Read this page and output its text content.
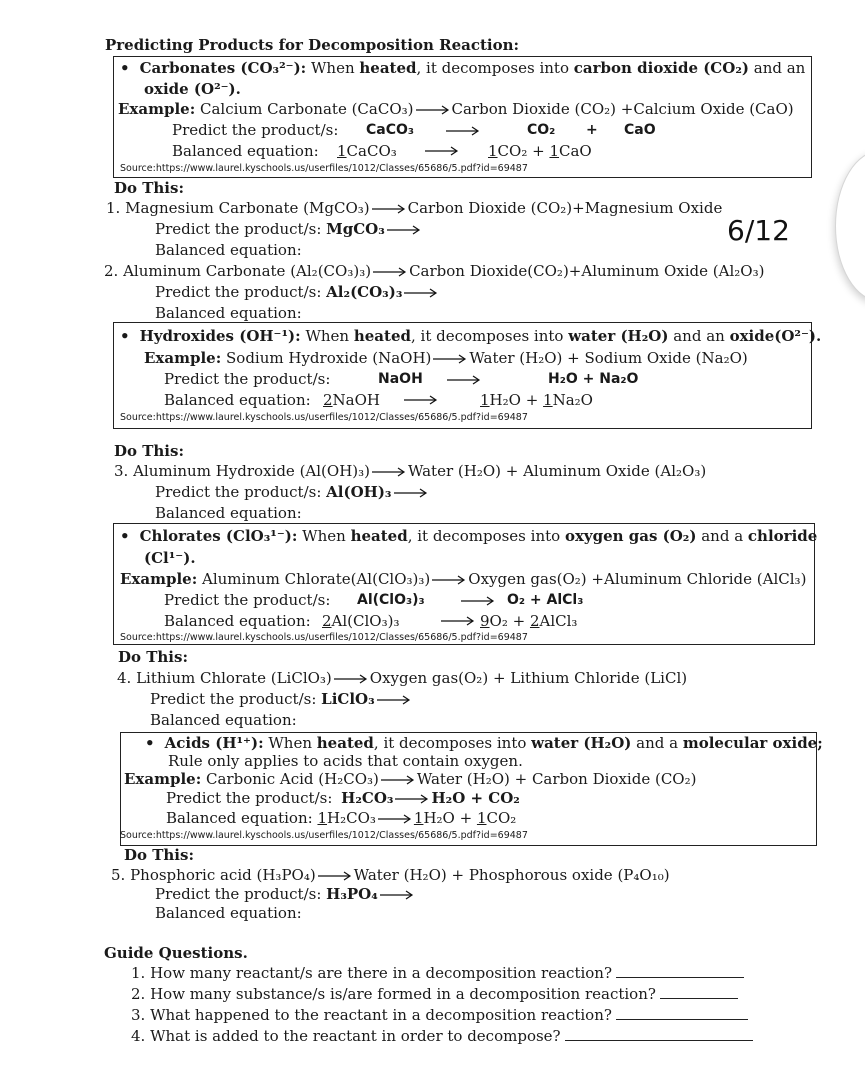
Predicting Products for Decomposition Reaction:
• Carbonates (CO₃²⁻): When heated, it decomposes into carbon dioxide (CO₂) and an
oxide (O²⁻).
Example: Calcium Carbonate (CaCO₃)	Carbon Dioxide (CO₂) +Calcium Oxide (CaO)
Predict the product/s: CaCO₃	CO₂ + CaO
Balanced equation: 1CaCO₃	1CO₂ + 1CaO
Source:https://www.laurel.kyschools.us/userfiles/1012/Classes/65686/5.pdf?id=69487
Do This:
1. Magnesium Carbonate (MgCO₃)	Carbon Dioxide (CO₂)+Magnesium Oxide
Predict the product/s: MgCO₃
Balanced equation:
2. Aluminum Carbonate (Al₂(CO₃)₃)	Carbon Dioxide(CO₂)+Aluminum Oxide (Al₂O₃)
Predict the product/s: Al₂(CO₃)₃
Balanced equation:
• Hydroxides (OH⁻¹): When heated, it decomposes into water (H₂O) and an oxide(O²⁻).
Example: Sodium Hydroxide (NaOH)	Water (H₂O) + Sodium Oxide (Na₂O)
Predict the product/s:	NaOH	H₂O + Na₂O
Balanced equation: 2NaOH	1H₂O + 1Na₂O
Source:https://www.laurel.kyschools.us/userfiles/1012/Classes/65686/5.pdf?id=69487
Do This:
3. Aluminum Hydroxide (Al(OH)₃)	Water (H₂O) + Aluminum Oxide (Al₂O₃)
Predict the product/s: Al(OH)₃
Balanced equation:
• Chlorates (ClO₃¹⁻): When heated, it decomposes into oxygen gas (O₂) and a chloride
(Cl¹⁻).
Example: Aluminum Chlorate(Al(ClO₃)₃)	Oxygen gas(O₂) +Aluminum Chloride (AlCl₃)
Predict the product/s: Al(ClO₃)₃	O₂ + AlCl₃
Balanced equation: 2Al(ClO₃)₃	9O₂ + 2AlCl₃
Source:https://www.laurel.kyschools.us/userfiles/1012/Classes/65686/5.pdf?id=69487
Do This:
4. Lithium Chlorate (LiClO₃)	Oxygen gas(O₂) + Lithium Chloride (LiCl)
Predict the product/s: LiClO₃
Balanced equation:
• Acids (H¹⁺): When heated, it decomposes into water (H₂O) and a molecular oxide;
Rule only applies to acids that contain oxygen.
Example: Carbonic Acid (H₂CO₃)	Water (H₂O) + Carbon Dioxide (CO₂)
Predict the product/s: H₂CO₃	H₂O + CO₂
Balanced equation: 1H₂CO₃	1H₂O + 1CO₂
Source:https://www.laurel.kyschools.us/userfiles/1012/Classes/65686/5.pdf?id=69487
Do This:
5. Phosphoric acid (H₃PO₄)	Water (H₂O) + Phosphorous oxide (P₄O₁₀)
Predict the product/s: H₃PO₄
Balanced equation:
Guide Questions.
1. How many reactant/s are there in a decomposition reaction?
2. How many substance/s is/are formed in a decomposition reaction?
3. What happened to the reactant in a decomposition reaction?
4. What is added to the reactant in order to decompose?
6/12
